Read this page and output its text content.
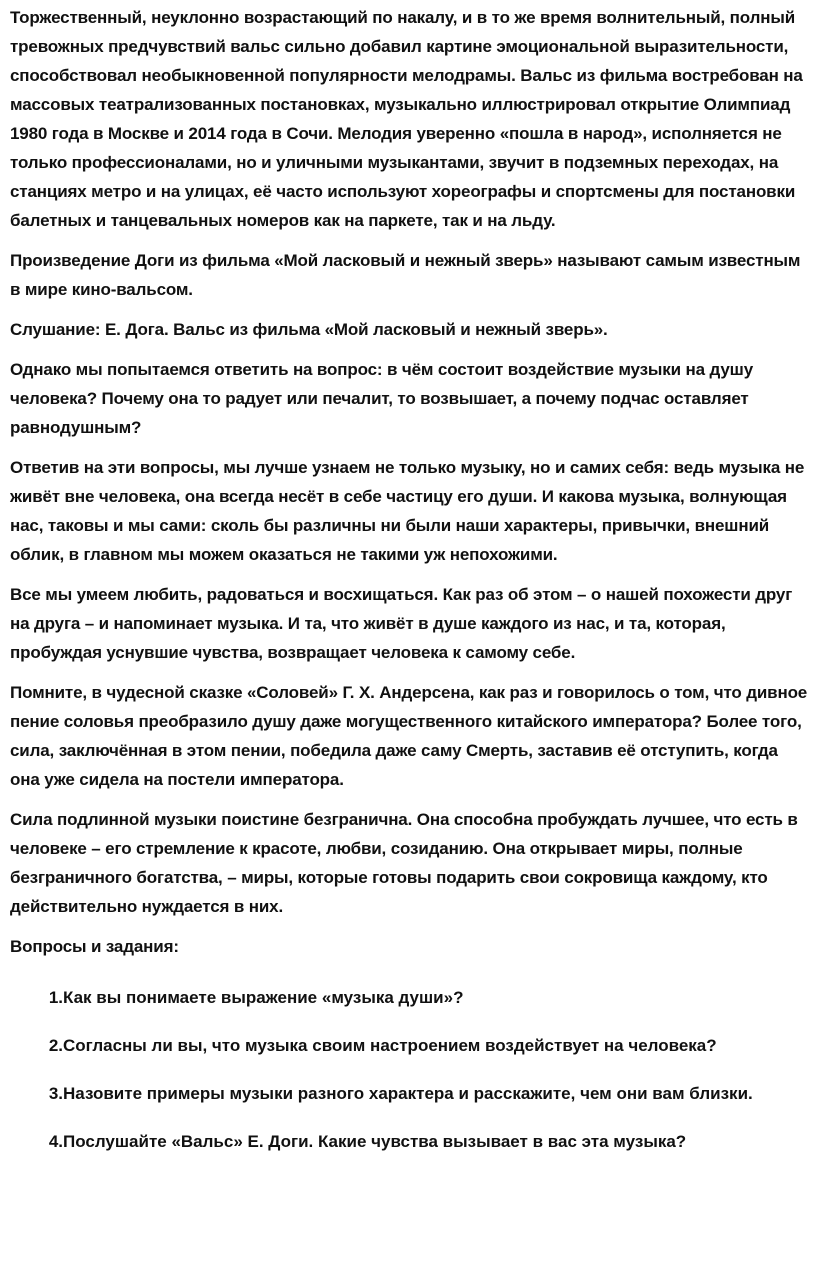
Торжественный, неуклонно возрастающий по накалу, и в то же время волнительный, полный тревожных предчувствий вальс сильно добавил картине эмоциональной выразительности, способствовал необыкновенной популярности мелодрамы. Вальс из фильма востребован на массовых театрализованных постановках, музыкально иллюстрировал открытие Олимпиад 1980 года в Москве и 2014 года в Сочи. Мелодия уверенно «пошла в народ», исполняется не только профессионалами, но и уличными музыкантами, звучит в подземных переходах, на станциях метро и на улицах, её часто используют хореографы и спортсмены для постановки балетных и танцевальных номеров как на паркете, так и на льду.

Произведение Доги из фильма «Мой ласковый и нежный зверь» называют самым известным в мире кино-вальсом.

Слушание: Е. Дога. Вальс из фильма «Мой ласковый и нежный зверь».

Однако мы попытаемся ответить на вопрос: в чём состоит воздействие музыки на душу человека? Почему она то радует или печалит, то возвышает, а почему подчас оставляет равнодушным?

Ответив на эти вопросы, мы лучше узнаем не только музыку, но и самих себя: ведь музыка не живёт вне человека, она всегда несёт в себе частицу его души. И какова музыка, волнующая нас, таковы и мы сами: сколь бы различны ни были наши характеры, привычки, внешний облик, в главном мы можем оказаться не такими уж непохожими.

Все мы умеем любить, радоваться и восхищаться. Как раз об этом – о нашей похожести друг на друга – и напоминает музыка. И та, что живёт в душе каждого из нас, и та, которая, пробуждая уснувшие чувства, возвращает человека к самому себе.

Помните, в чудесной сказке «Соловей» Г. Х. Андерсена, как раз и говорилось о том, что дивное пение соловья преобразило душу даже могущественного китайского императора? Более того, сила, заключённая в этом пении, победила даже саму Смерть, заставив её отступить, когда она уже сидела на постели императора.

Сила подлинной музыки поистине безгранична. Она способна пробуждать лучшее, что есть в человеке – его стремление к красоте, любви, созиданию. Она открывает миры, полные безграничного богатства, – миры, которые готовы подарить свои сокровища каждому, кто действительно нуждается в них.

Вопросы и задания:

1. Как вы понимаете выражение «музыка души»?
2. Согласны ли вы, что музыка своим настроением воздействует на человека?
3. Назовите примеры музыки разного характера и расскажите, чем они вам близки.
4. Послушайте «Вальс» Е. Доги. Какие чувства вызывает в вас эта музыка?
